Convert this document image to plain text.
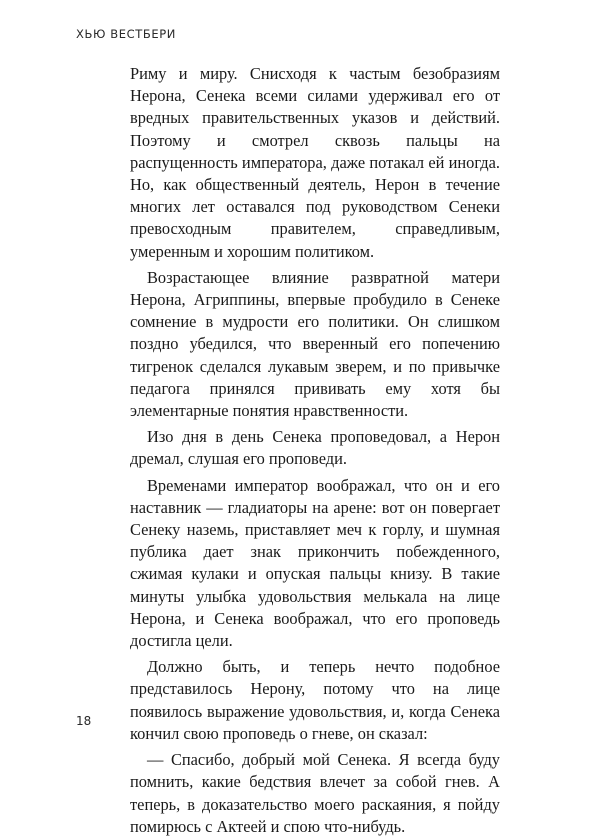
ХЬЮ ВЕСТБЕРИ

Риму и миру. Снисходя к частым безобразиям Нерона, Сенека всеми силами удерживал его от вредных правительственных указов и действий. Поэтому и смотрел сквозь пальцы на распущенность императора, даже потакал ей иногда. Но, как общественный деятель, Нерон в течение многих лет оставался под руководством Сенеки превосходным правителем, справедливым, умеренным и хорошим политиком.

Возрастающее влияние развратной матери Нерона, Агриппины, впервые пробудило в Сенеке сомнение в мудрости его политики. Он слишком поздно убедился, что вверенный его попечению тигренок сделался лукавым зверем, и по привычке педагога принялся прививать ему хотя бы элементарные понятия нравственности.

Изо дня в день Сенека проповедовал, а Нерон дремал, слушая его проповеди.

Временами император воображал, что он и его наставник — гладиаторы на арене: вот он повергает Сенеку наземь, приставляет меч к горлу, и шумная публика дает знак прикончить побежденного, сжимая кулаки и опуская пальцы книзу. В такие минуты улыбка удовольствия мелькала на лице Нерона, и Сенека воображал, что его проповедь достигла цели.

Должно быть, и теперь нечто подобное представилось Нерону, потому что на лице появилось выражение удовольствия, и, когда Сенека кончил свою проповедь о гневе, он сказал:

— Спасибо, добрый мой Сенека. Я всегда буду помнить, какие бедствия влечет за собой гнев. А теперь, в доказательство моего раскаяния, я пойду помирюсь с Актеей и спою что-нибудь.

18
